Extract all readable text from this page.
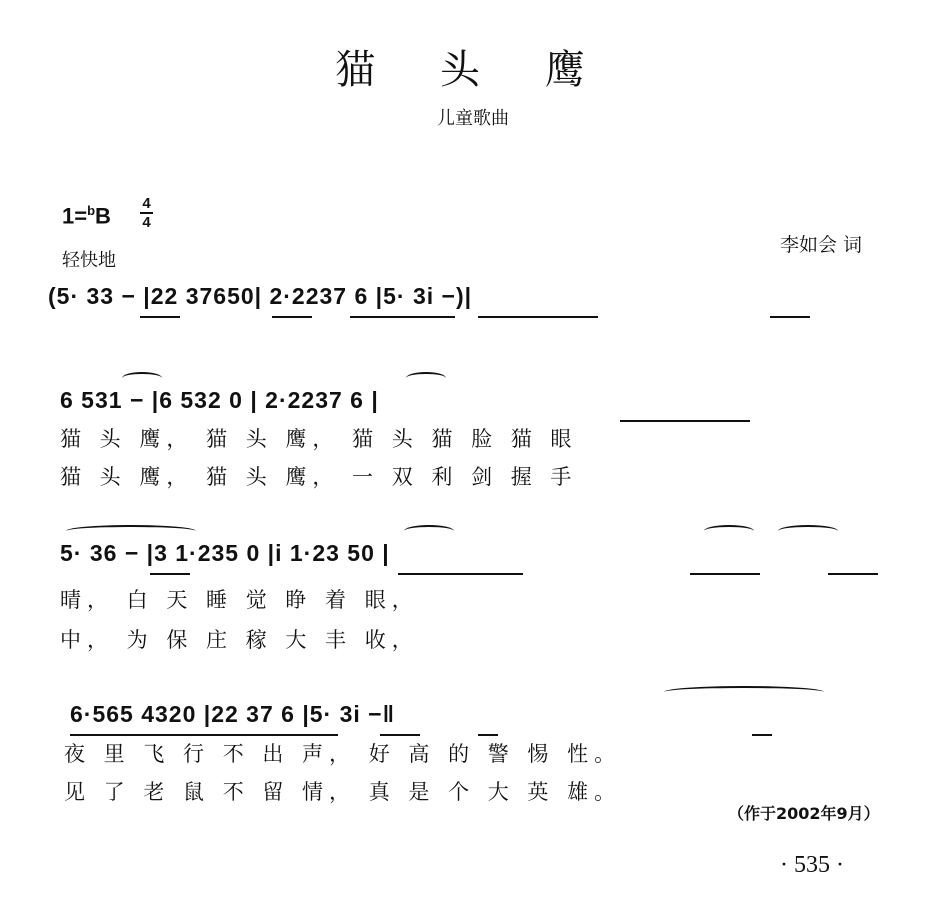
猫 头 鹰
儿童歌曲
1=$^b$B 4
4
轻快地
李如会 词
(5· 33 − |22 37650| 2·2237 6 |5· 3i −)|
6 531 − |6 532 0 | 2·2237 6 |
猫 头 鹰， 猫 头 鹰， 猫 头 猫 脸 猫 眼
猫 头 鹰， 猫 头 鹰， 一 双 利 剑 握 手
5· 36 − |3 1·235 0 |i 1·23 50 |
晴， 白 天 睡 觉 睁 着 眼，
中， 为 保 庄 稼 大 丰 收，
6·565 4320 |22 37 6 |5· 3i −‖
夜 里 飞 行 不 出 声， 好 高 的 警 惕 性。
见 了 老 鼠 不 留 情， 真 是 个 大 英 雄。
（作于2002年9月）
· 535 ·
